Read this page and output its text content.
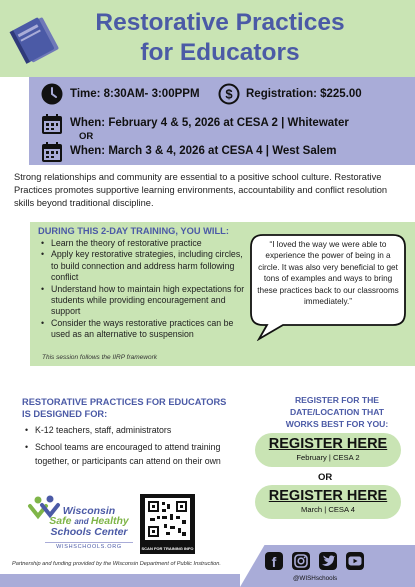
Restorative Practices
for Educators
Time: 8:30AM- 3:00PPM $ Registration: $225.00
When: February 4 & 5, 2026 at CESA 2 | Whitewater
OR
When: March 3 & 4, 2026 at CESA 4 | West Salem

Strong relationships and community are essential to a positive school culture. Restorative Practices promotes supportive learning environments, accountability and conflict resolution skills beyond traditional discipline.

DURING THIS 2-DAY TRAINING, YOU WILL:
• Learn the theory of restorative practice
• Apply key restorative strategies, including circles, to build connection and address harm following conflict
• Understand how to maintain high expectations for students while providing encouragement and support
• Consider the ways restorative practices can be used as an alternative to suspension
This session follows the IIRP framework
“I loved the way we were able to experience the power of being in a circle. It was also very beneficial to get tons of examples and ways to bring these practices back to our classrooms immediately.”
RESTORATIVE PRACTICES FOR EDUCATORS
IS DESIGNED FOR:
• K-12 teachers, staff, administrators
• School teams are encouraged to attend training together, or participants can attend on their own
REGISTER FOR THE
DATE/LOCATION THAT
WORKS BEST FOR YOU:
REGISTER HERE
February | CESA 2
OR
REGISTER HERE
March | CESA 4
Wisconsin
Safe and Healthy
Schools Center
WISHSCHOOLS.ORG	SCAN FOR TRAINING INFO
Partnership and funding provided by the Wisconsin Department of Public Instruction.	f
@WISHschools
